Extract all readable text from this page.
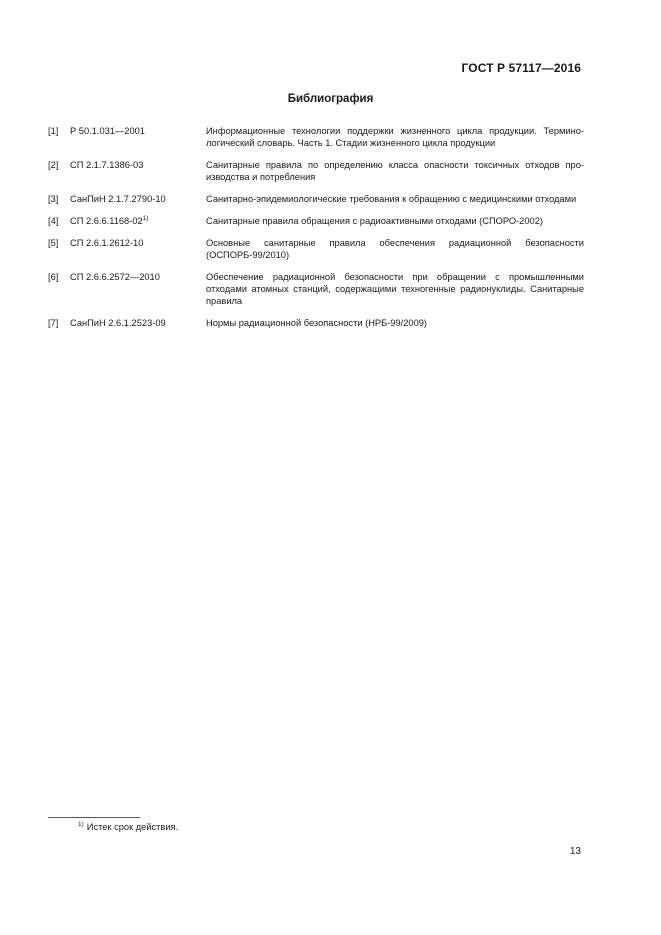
ГОСТ Р 57117—2016
Библиография
[1]	Р 50.1.031—2001	Информационные технологии поддержки жизненного цикла продукции. Терминологический словарь. Часть 1. Стадии жизненного цикла продукции
[2]	СП 2.1.7.1386-03	Санитарные правила по определению класса опасности токсичных отходов производства и потребления
[3]	СанПиН 2.1.7.2790-10	Санитарно-эпидемиологические требования к обращению с медицинскими отходами
[4]	СП 2.6.6.1168-02$^{1)}$	Санитарные правила обращения с радиоактивными отходами (СПОРО-2002)
[5]	СП 2.6.1.2612-10	Основные санитарные правила обеспечения радиационной безопасности (ОСПОРБ-99/2010)
[6]	СП 2.6.6.2572—2010	Обеспечение радиационной безопасности при обращении с промышленными отходами атомных станций, содержащими техногенные радионуклиды. Санитарные правила
[7]	СанПиН 2.6.1.2523-09	Нормы радиационной безопасности (НРБ-99/2009)
$^{1)}$ Истек срок действия.
13
